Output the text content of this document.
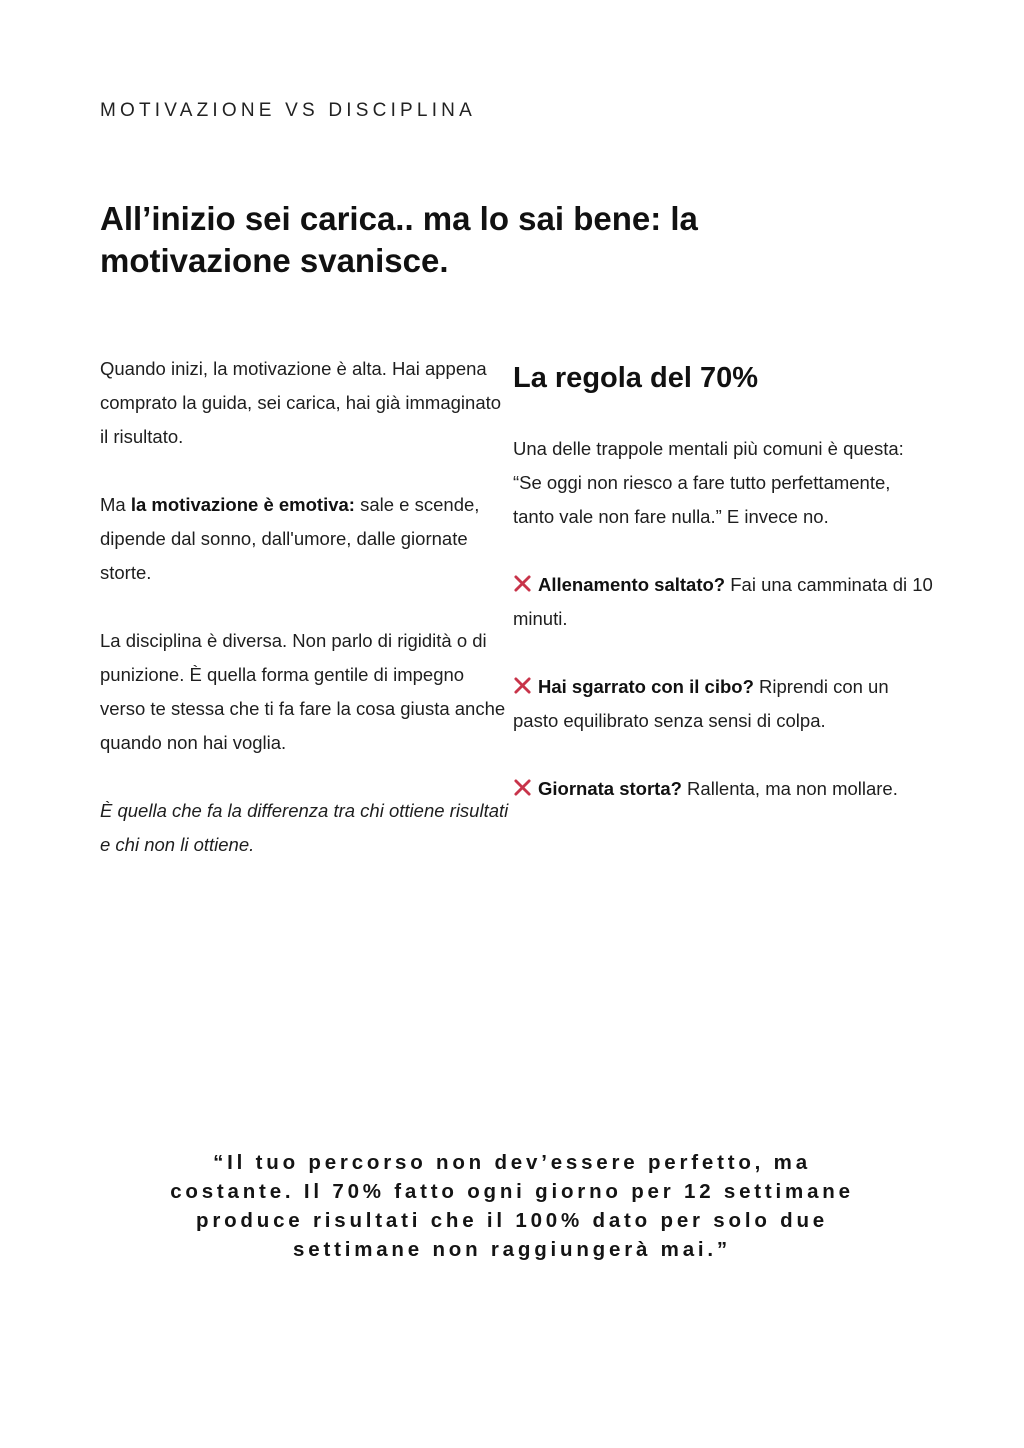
MOTIVAZIONE VS DISCIPLINA
All’inizio sei carica.. ma lo sai bene: la motivazione svanisce.

Quando inizi, la motivazione è alta. Hai appena comprato la guida, sei carica, hai già immaginato il risultato.

Ma la motivazione è emotiva: sale e scende, dipende dal sonno, dall'umore, dalle giornate storte.

La disciplina è diversa. Non parlo di rigidità o di punizione. È quella forma gentile di impegno verso te stessa che ti fa fare la cosa giusta anche quando non hai voglia.

È quella che fa la differenza tra chi ottiene risultati e chi non li ottiene.

La regola del 70%

Una delle trappole mentali più comuni è questa: “Se oggi non riesco a fare tutto perfettamente, tanto vale non fare nulla.” E invece no.

Allenamento saltato? Fai una camminata di 10 minuti.

Hai sgarrato con il cibo? Riprendi con un pasto equilibrato senza sensi di colpa.

Giornata storta? Rallenta, ma non mollare.

“Il tuo percorso non dev’essere perfetto, ma costante. Il 70% fatto ogni giorno per 12 settimane produce risultati che il 100% dato per solo due settimane non raggiungerà mai.”
